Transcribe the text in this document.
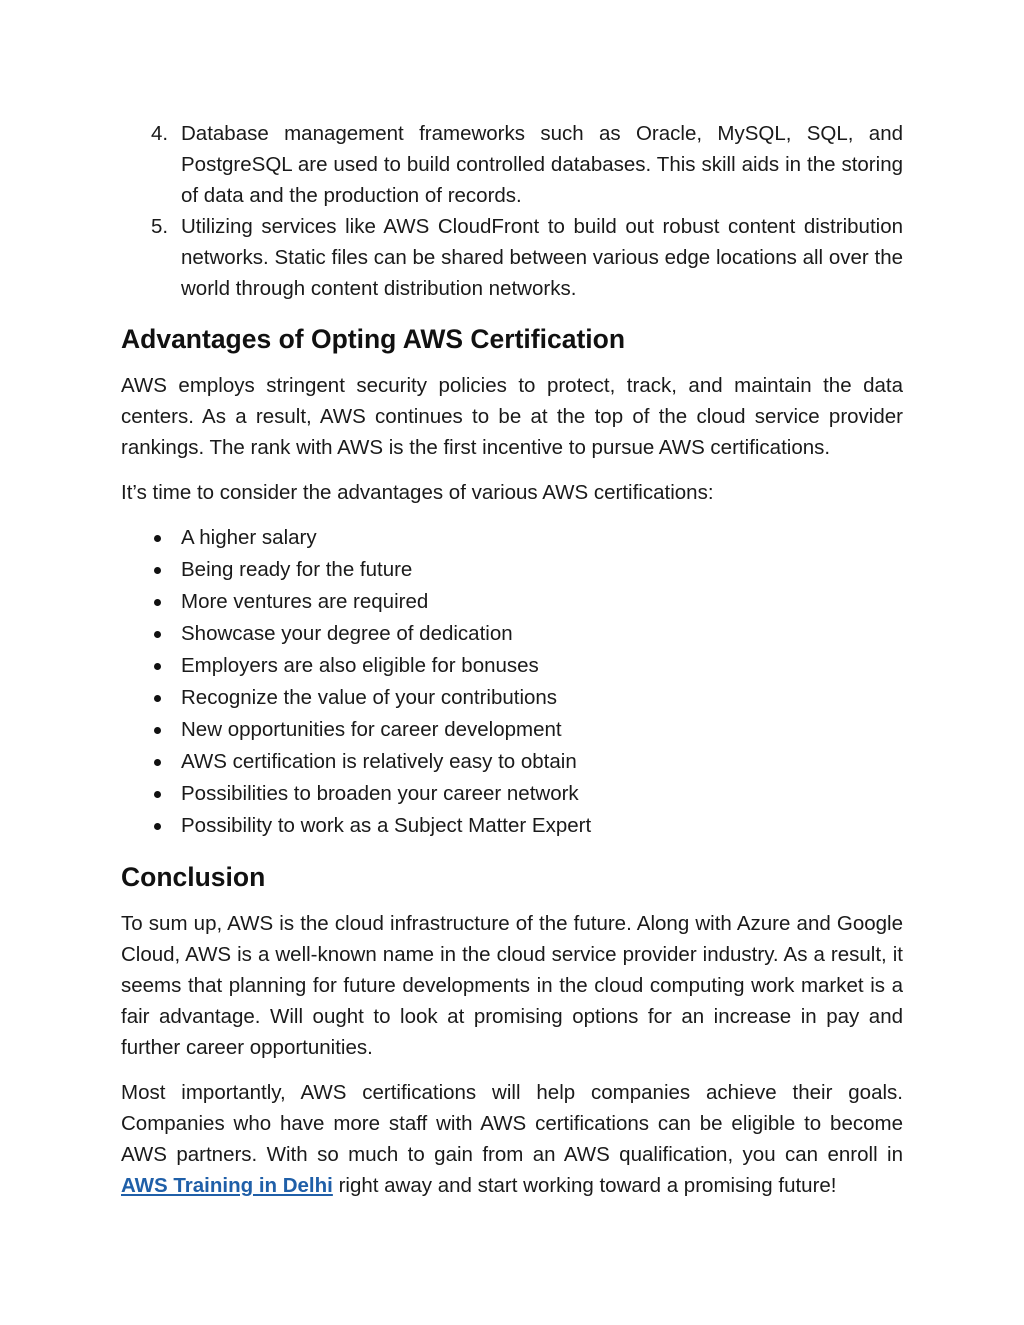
4. Database management frameworks such as Oracle, MySQL, SQL, and PostgreSQL are used to build controlled databases. This skill aids in the storing of data and the production of records.
5. Utilizing services like AWS CloudFront to build out robust content distribution networks. Static files can be shared between various edge locations all over the world through content distribution networks.
Advantages of Opting AWS Certification

AWS employs stringent security policies to protect, track, and maintain the data centers. As a result, AWS continues to be at the top of the cloud service provider rankings. The rank with AWS is the first incentive to pursue AWS certifications.

It’s time to consider the advantages of various AWS certifications:

A higher salary
Being ready for the future
More ventures are required
Showcase your degree of dedication
Employers are also eligible for bonuses
Recognize the value of your contributions
New opportunities for career development
AWS certification is relatively easy to obtain
Possibilities to broaden your career network
Possibility to work as a Subject Matter Expert
Conclusion

To sum up, AWS is the cloud infrastructure of the future. Along with Azure and Google Cloud, AWS is a well-known name in the cloud service provider industry. As a result, it seems that planning for future developments in the cloud computing work market is a fair advantage. Will ought to look at promising options for an increase in pay and further career opportunities.

Most importantly, AWS certifications will help companies achieve their goals. Companies who have more staff with AWS certifications can be eligible to become AWS partners. With so much to gain from an AWS qualification, you can enroll in AWS Training in Delhi right away and start working toward a promising future!
